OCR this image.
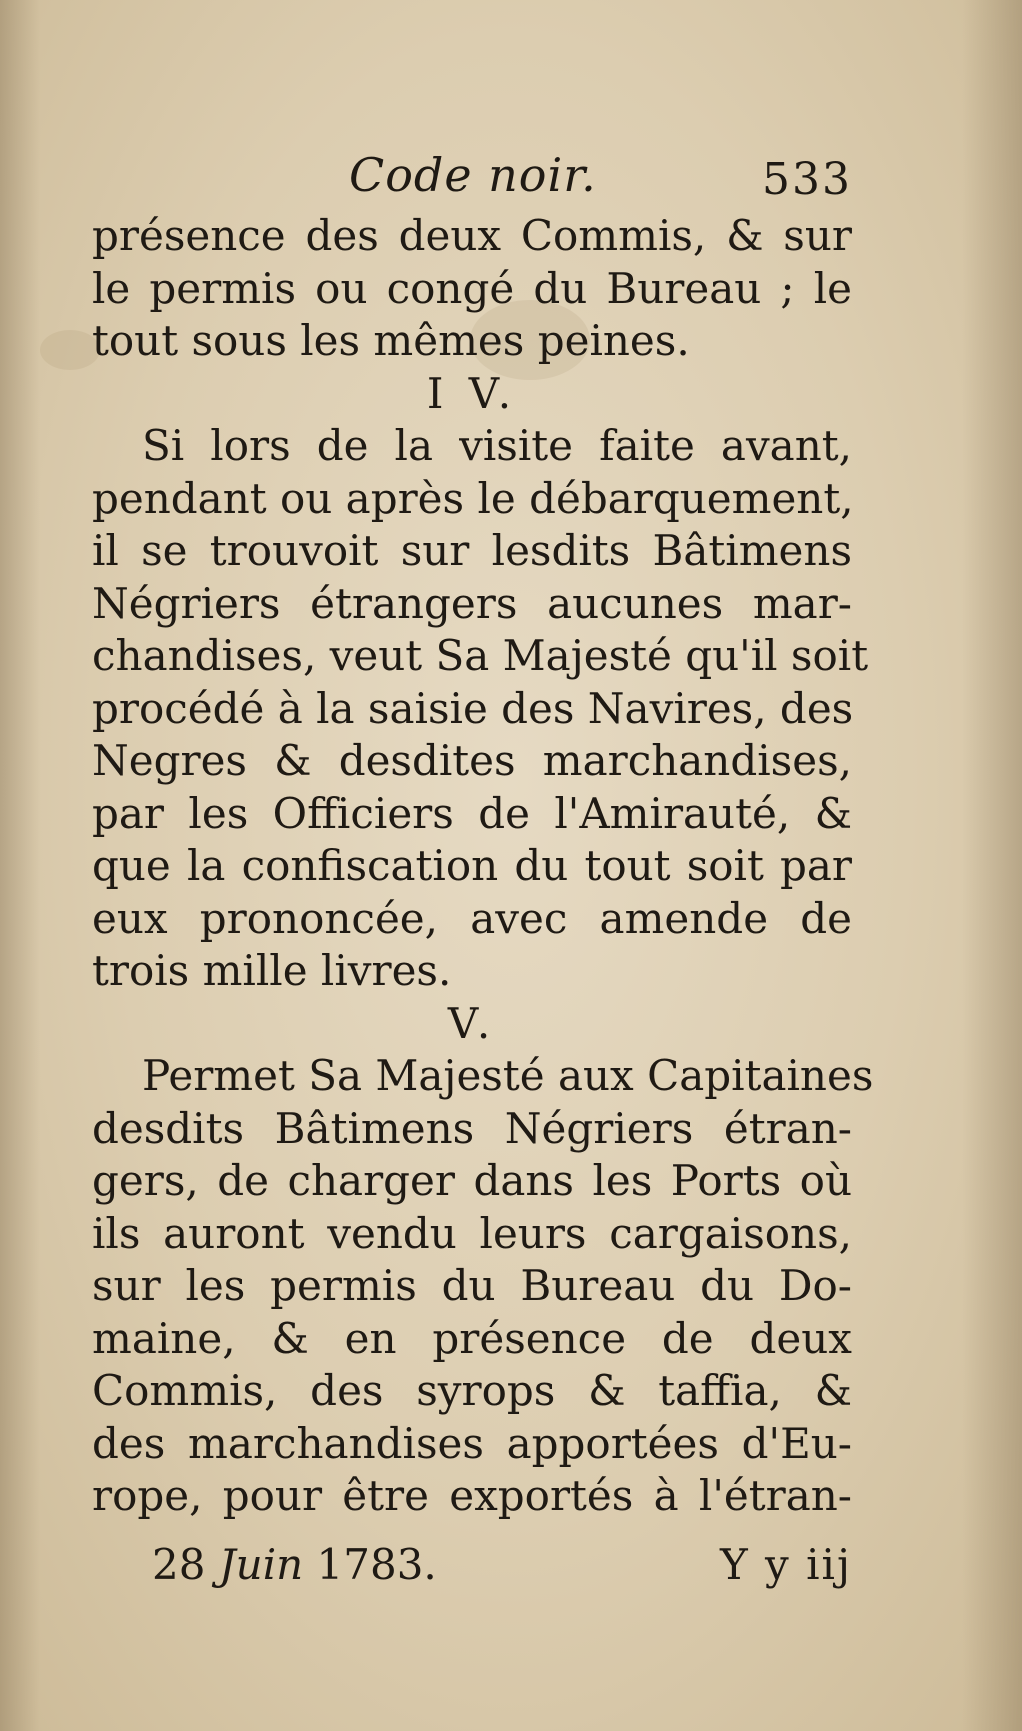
Code noir.	533
présence des deux Commis, & sur
le permis ou congé du Bureau ; le
tout sous les mêmes peines.
I V.
Si lors de la visite faite avant,
pendant ou après le débarquement,
il se trouvoit sur lesdits Bâtimens
Négriers étrangers aucunes mar-
chandises, veut Sa Majesté qu'il soit
procédé à la saisie des Navires, des
Negres & desdites marchandises,
par les Officiers de l'Amirauté, &
que la confiscation du tout soit par
eux prononcée, avec amende de
trois mille livres.
V.
Permet Sa Majesté aux Capitaines
desdits Bâtimens Négriers étran-
gers, de charger dans les Ports où
ils auront vendu leurs cargaisons,
sur les permis du Bureau du Do-
maine, & en présence de deux
Commis, des syrops & taffia, &
des marchandises apportées d'Eu-
rope, pour être exportés à l'étran-
28 Juin 1783.	Y y iij
